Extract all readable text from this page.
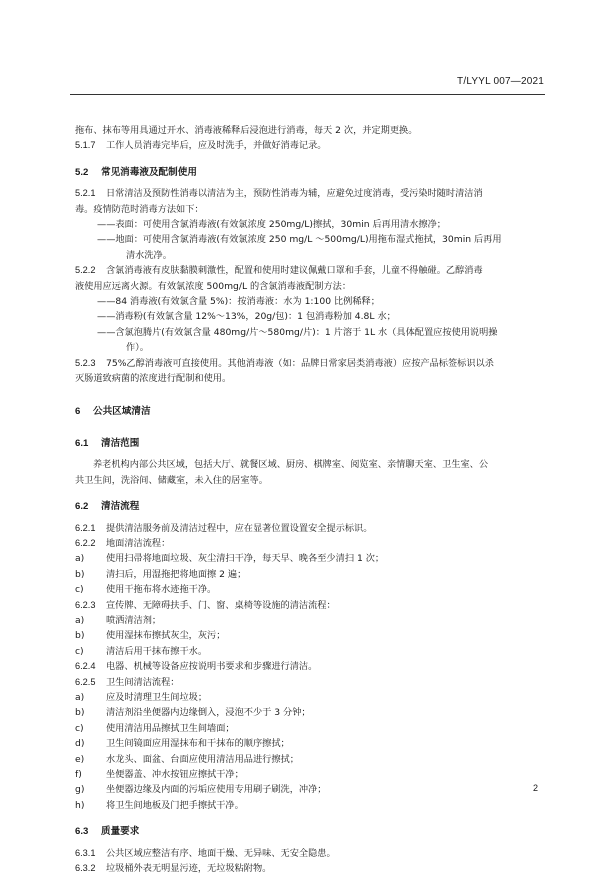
T/LYYL 007—2021

拖布、抹布等用具通过开水、消毒液稀释后浸泡进行消毒，每天 2 次，并定期更换。

5.1.7 工作人员消毒完毕后，应及时洗手，并做好消毒记录。

5.2 常见消毒液及配制使用

5.2.1 日常清洁及预防性消毒以清洁为主，预防性消毒为辅，应避免过度消毒，受污染时随时清洁消

毒。疫情防范时消毒方法如下：

——表面：可使用含氯消毒液(有效氯浓度 250mg/L)擦拭，30min 后再用清水擦净；

——地面：可使用含氯消毒液(有效氯浓度 250 mg/L ～500mg/L)用拖布湿式拖拭，30min 后再用

清水洗净。

5.2.2 含氯消毒液有皮肤黏膜刺激性，配置和使用时建议佩戴口罩和手套，儿童不得触碰。乙醇消毒

液使用应远离火源。有效氯浓度 500mg/L 的含氯消毒液配制方法：

——84 消毒液(有效氯含量 5%)：按消毒液：水为 1:100 比例稀释；

——消毒粉(有效氯含量 12%～13%，20g/包)：1 包消毒粉加 4.8L 水；

——含氯泡腾片(有效氯含量 480mg/片～580mg/片)：1 片溶于 1L 水（具体配置应按使用说明操

作）。

5.2.3 75%乙醇消毒液可直接使用。其他消毒液（如：品牌日常家居类消毒液）应按产品标签标识以杀

灭肠道致病菌的浓度进行配制和使用。

6 公共区域清洁

6.1 清洁范围

养老机构内部公共区域，包括大厅、就餐区域、厨房、棋牌室、阅览室、亲情聊天室、卫生室、公

共卫生间，洗浴间、储藏室，未入住的居室等。

6.2 清洁流程

6.2.1 提供清洁服务前及清洁过程中，应在显著位置设置安全提示标识。

6.2.2 地面清洁流程：

a)	使用扫帚将地面垃圾、灰尘清扫干净，每天早、晚各至少清扫 1 次；
b)	清扫后，用湿拖把将地面擦 2 遍；
c)	使用干拖布将水迹拖干净。

6.2.3 宣传牌、无障碍扶手、门、窗、桌椅等设施的清洁流程：

a)	喷洒清洁剂；
b)	使用湿抹布擦拭灰尘，灰污；
c)	清洁后用干抹布擦干水。

6.2.4 电器、机械等设备应按说明书要求和步骤进行清洁。

6.2.5 卫生间清洁流程：

a)	应及时清理卫生间垃圾；
b)	清洁剂沿坐便器内边缘倒入，浸泡不少于 3 分钟；
c)	使用清洁用品擦拭卫生间墙面；
d)	卫生间镜面应用湿抹布和干抹布的顺序擦拭；
e)	水龙头、面盆、台面应使用清洁用品进行擦拭；
f)	坐便器盖、冲水按钮应擦拭干净；
g)	坐便器边缘及内面的污垢应使用专用刷子刷洗，冲净；
h)	将卫生间地板及门把手擦拭干净。

6.3 质量要求

6.3.1 公共区域应整洁有序、地面干燥、无异味、无安全隐患。

6.3.2 垃圾桶外表无明显污迹，无垃圾粘附物。

2
